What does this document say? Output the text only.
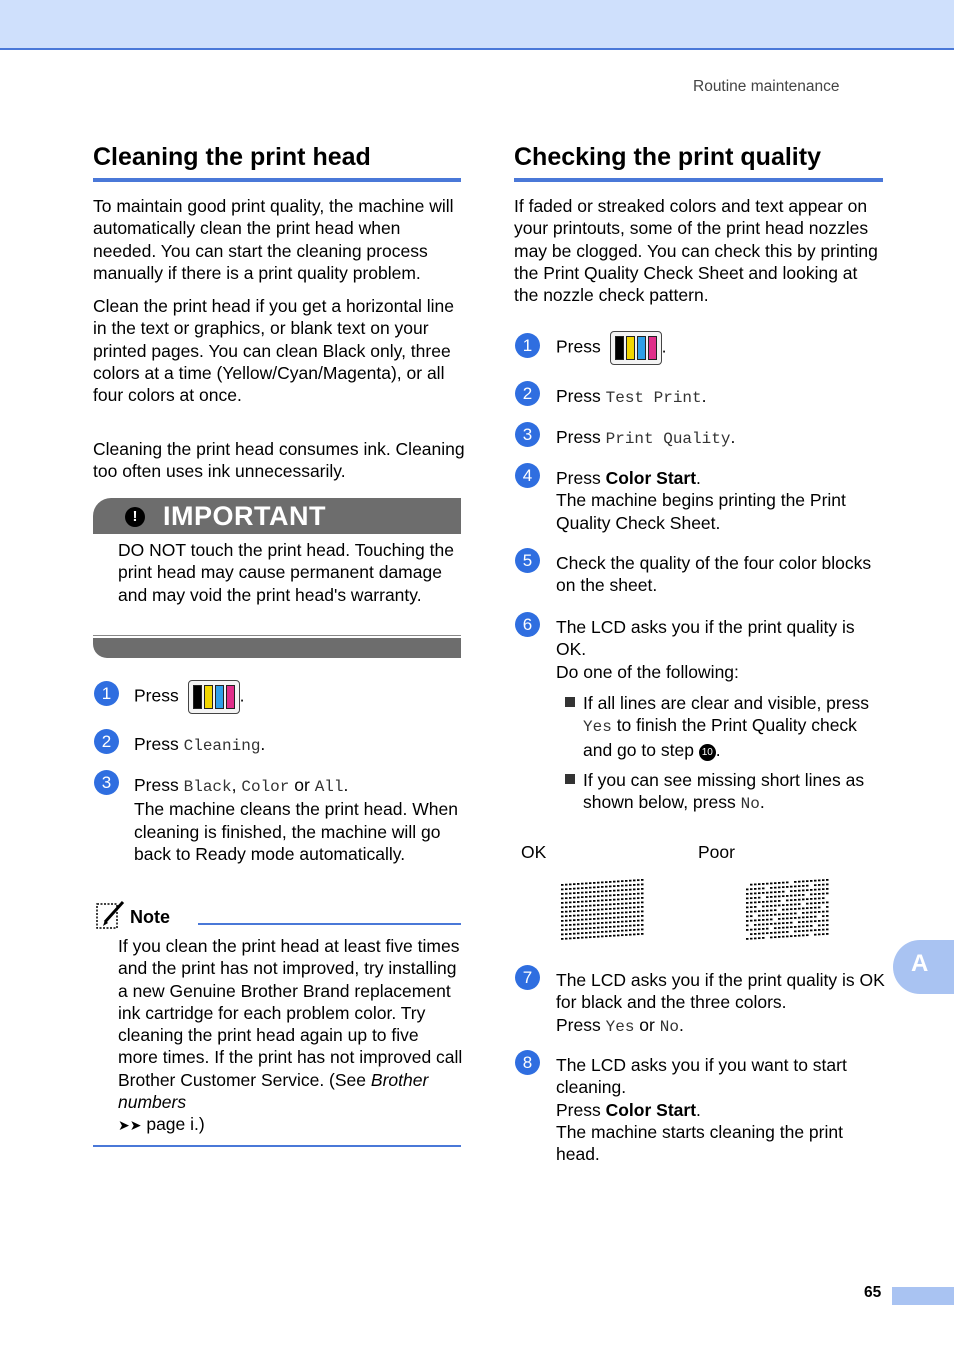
Routine maintenance
Cleaning the print head
To maintain good print quality, the machine will automatically clean the print head when needed. You can start the cleaning process manually if there is a print quality problem.
Clean the print head if you get a horizontal line in the text or graphics, or blank text on your printed pages. You can clean Black only, three colors at a time (Yellow/Cyan/Magenta), or all four colors at once.
Cleaning the print head consumes ink. Cleaning too often uses ink unnecessarily.
! IMPORTANT
DO NOT touch the print head. Touching the print head may cause permanent damage and may void the print head's warranty.
1	Press	.
2	Press Cleaning.
3	Press Black, Color or All.
The machine cleans the print head. When cleaning is finished, the machine will go back to Ready mode automatically.
Note
If you clean the print head at least five times and the print has not improved, try installing a new Genuine Brother Brand replacement ink cartridge for each problem color. Try cleaning the print head again up to five more times. If the print has not improved call Brother Customer Service. (See Brother numbers
➤➤ page i.)
Checking the print quality
If faded or streaked colors and text appear on your printouts, some of the print head nozzles may be clogged. You can check this by printing the Print Quality Check Sheet and looking at the nozzle check pattern.
1	Press	.
2	Press Test Print.
3	Press Print Quality.
4	Press Color Start.
The machine begins printing the Print Quality Check Sheet.
5	Check the quality of the four color blocks on the sheet.
6	The LCD asks you if the print quality is OK.
Do one of the following:
If all lines are clear and visible, press Yes to finish the Print Quality check and go to step 10 .
If you can see missing short lines as shown below, press No.
OK	Poor
7	The LCD asks you if the print quality is OK for black and the three colors.
Press Yes or No.
8	The LCD asks you if you want to start cleaning.
Press Color Start.
The machine starts cleaning the print head.
A
65
